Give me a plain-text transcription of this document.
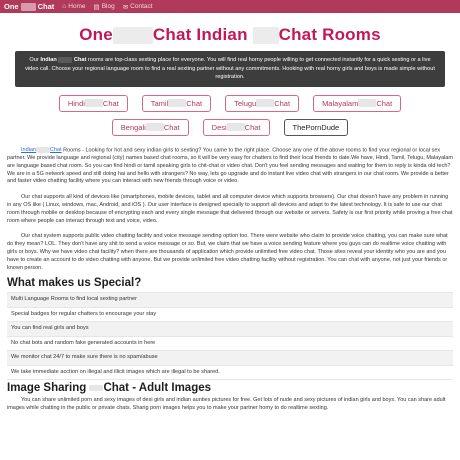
One	Chat ⌂ Home ▤ Blog ✉ Contact
One Chat Indian Chat Rooms
Our Indian	Chat rooms are top-class sexting place for everyone. You will find real horny people willing to get connected instantly for a quick sexting or a live video call. Choose your regional language room to find a real sexting partner without any commitments. Hooking with real horny girls and boys is made simple without registration.
Hindi Chat	Tamil Chat	Telugu Chat	Malayalam Chat
Bengali Chat	Desi Chat	ThePornDude

Indian	Chat Rooms - Looking for hot and sexy indian girls to sexting? You came to the right place. Choose any one of the above rooms to find your regional or local sex partner. We provide language and regional (city) names based chat rooms, so it will be very easy for chatters to find their local friends to date.We have, Hindi, Tamil, Telugu, Malayalam are language based chat room. So you can find hindi or tamil speaking girls to chit-chat or video chat. Don't you feel sending messages and waiting for them to reply is kinda old tech? We are in a 5G network speed and still doing hai and hello with strangers? No way, lets go upgrade and do instant live video chat with strangers in our chat room. We provide a better and faster video chatting facility where you can interact with new friends through voice or video.

Our chat supports all kind of devices like (smartphones, mobile devices, tablet and all computer device which supports browsers). Our chat doesn't have any problem in running in any OS like ( Linux, windows, mac, Android, and iOS ). Our user interface is designed specially to support all devices and adapt to the latest technology. It is safe to use our chat room through mobile or desktop because of encrypting each and every single message that delivered through our website or servers. Safety is our first priority while proving a free chat room where people can interact through text and voice, video.

Our chat system supports public video chatting facility and voice message sending option too. There were website who claim to provide voice chatting, you can make sure what do they mean? LOL. They don't have any shit to send a voice message or so. But, we claim that we have a voice sending feature where you guys can do realtime voice chatting with girls or boys. Why we have video chat facility? when there are thousands of application which provide unlimited free video chat. Those sites reveal your identity who you are and you have to create an account to do video chatting with anyone. But we provide unlimited free video chatting facility without registration. You can chat with anyone, not just your friends or known person.

What makes us Special?
Multi Language Rooms to find local sexting partner
Special badges for regular chatters to encourage your stay
You can find real girls and boys
No chat bots and random fake generated accounts in here
We monitor chat 24/7 to make sure there is no spam/abuse
We take immediate acction on illegal and illicit images which are illegal to be shared.
Image Sharing Chat - Adult Images

You can share unlimited porn and sexy images of desi girls and indian aunties pictures for free. Get lots of nude and sexy pictures of indian girls and boys. You can share adult images while chatting in the public or private chats. Sharig porn images helps you to make your partner horny to do realtime sexting.
